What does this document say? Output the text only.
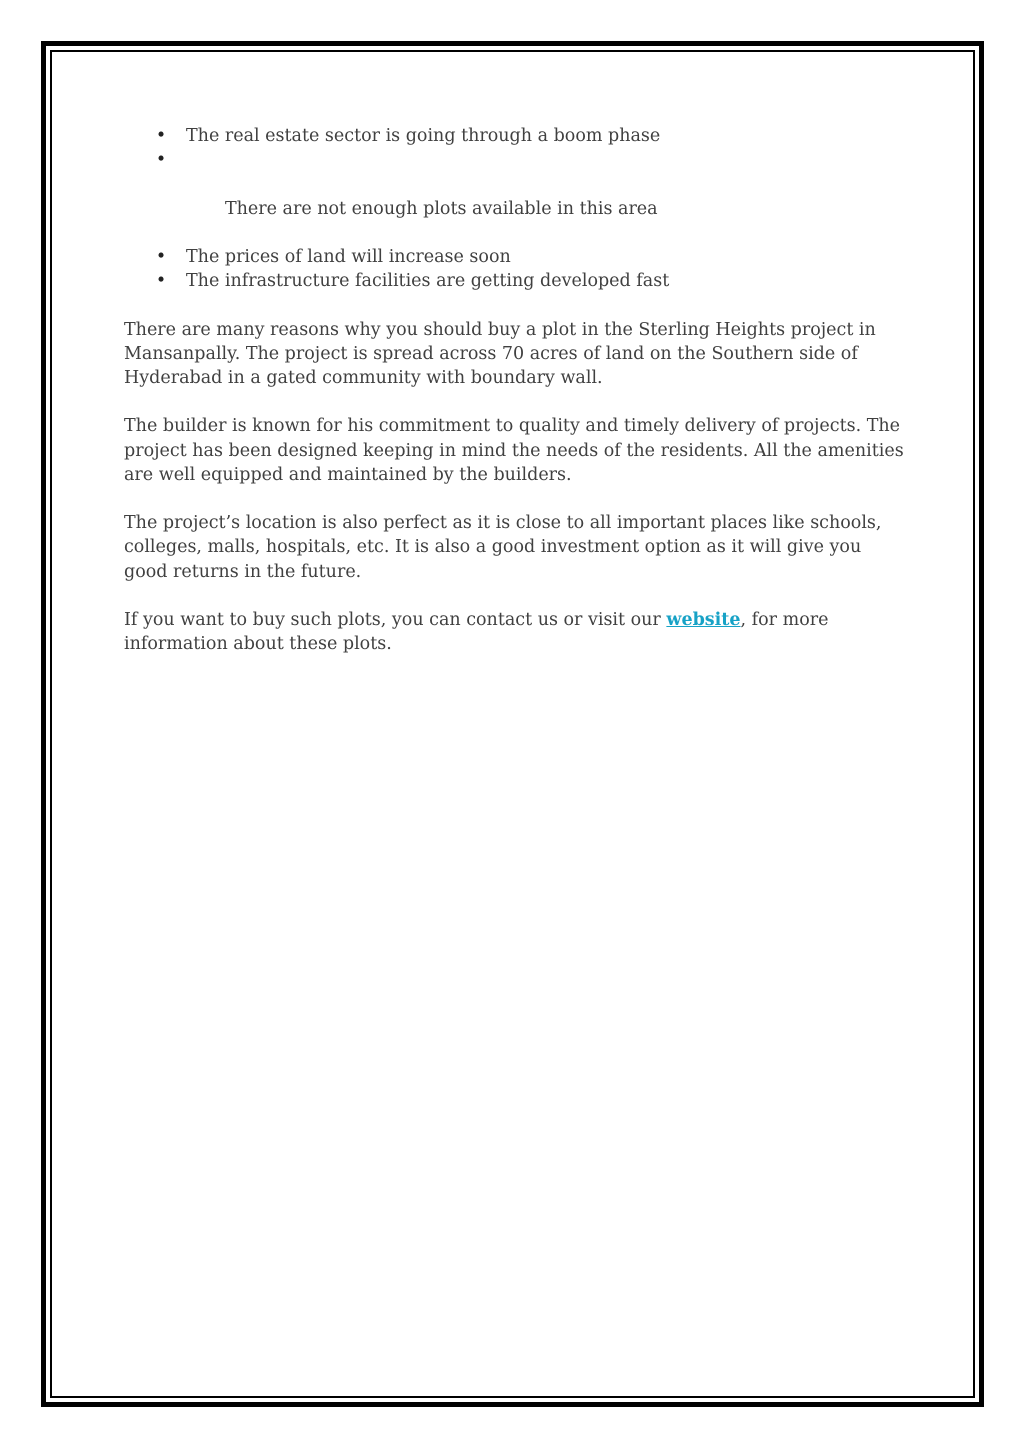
• The real estate sector is going through a boom phase

•

There are not enough plots available in this area

• The prices of land will increase soon
• The infrastructure facilities are getting developed fast

There are many reasons why you should buy a plot in the Sterling Heights project in Mansanpally. The project is spread across 70 acres of land on the Southern side of Hyderabad in a gated community with boundary wall.

The builder is known for his commitment to quality and timely delivery of projects. The project has been designed keeping in mind the needs of the residents. All the amenities are well equipped and maintained by the builders.

The project’s location is also perfect as it is close to all important places like schools, colleges, malls, hospitals, etc. It is also a good investment option as it will give you good returns in the future.

If you want to buy such plots, you can contact us or visit our website, for more information about these plots.
